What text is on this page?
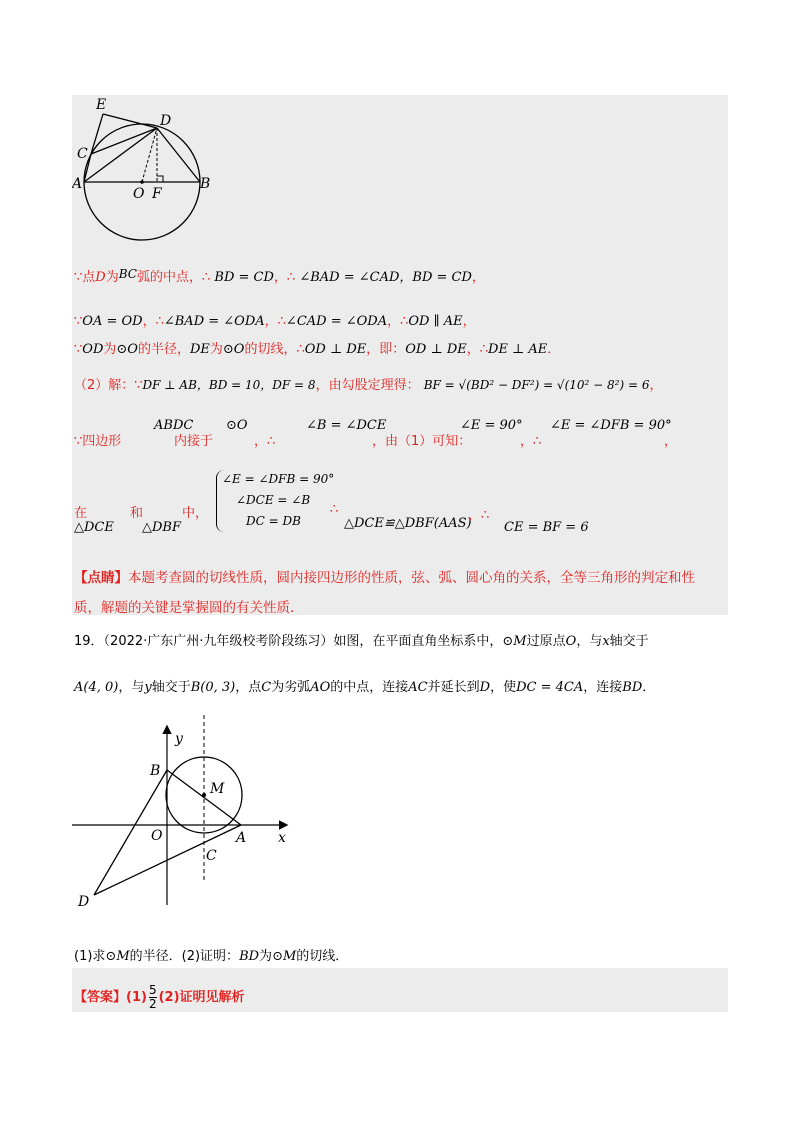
E
D
C
A
O F
B
∵点D为BC弧的中点，∴ BD = CD，∴ ∠BAD = ∠CAD，BD = CD，
∵OA = OD，∴∠BAD = ∠ODA，∴∠CAD = ∠ODA，∴OD ∥ AE，
∵OD为⊙O的半径，DE为⊙O的切线，∴OD ⊥ DE，即：OD ⊥ DE，∴DE ⊥ AE．
（2）解：∵DF ⊥ AB，BD = 10，DF = 8，由勾股定理得： BF = √(BD² − DF²) = √(10² − 8²) = 6，
∵四边形
ABDC
内接于
⊙O
，∴
∠B = ∠DCE
，由（1）可知：
∠E = 90°
，∴
∠E = ∠DFB = 90°
，
在
△DCE
和
△DBF
中，
∠E = ∠DFB = 90°
∠DCE = ∠B
DC = DB
∴
△DCE≌△DBF(AAS)
，∴
CE = BF = 6
【点睛】本题考查圆的切线性质，圆内接四边形的性质，弦、弧、圆心角的关系，全等三角形的判定和性
质，解题的关键是掌握圆的有关性质．
19．（2022·广东广州·九年级校考阶段练习）如图，在平面直角坐标系中，⊙M过原点O，与x轴交于
A(4, 0)，与y轴交于B(0, 3)，点C为劣弧AO的中点，连接AC并延长到D，使DC = 4CA，连接BD．
y
x
B
M
O	A
C
D
(1)求⊙M的半径．(2)证明：BD为⊙M的切线．
【答案】$(1) \frac{5}{2} (2)$证明见解析
